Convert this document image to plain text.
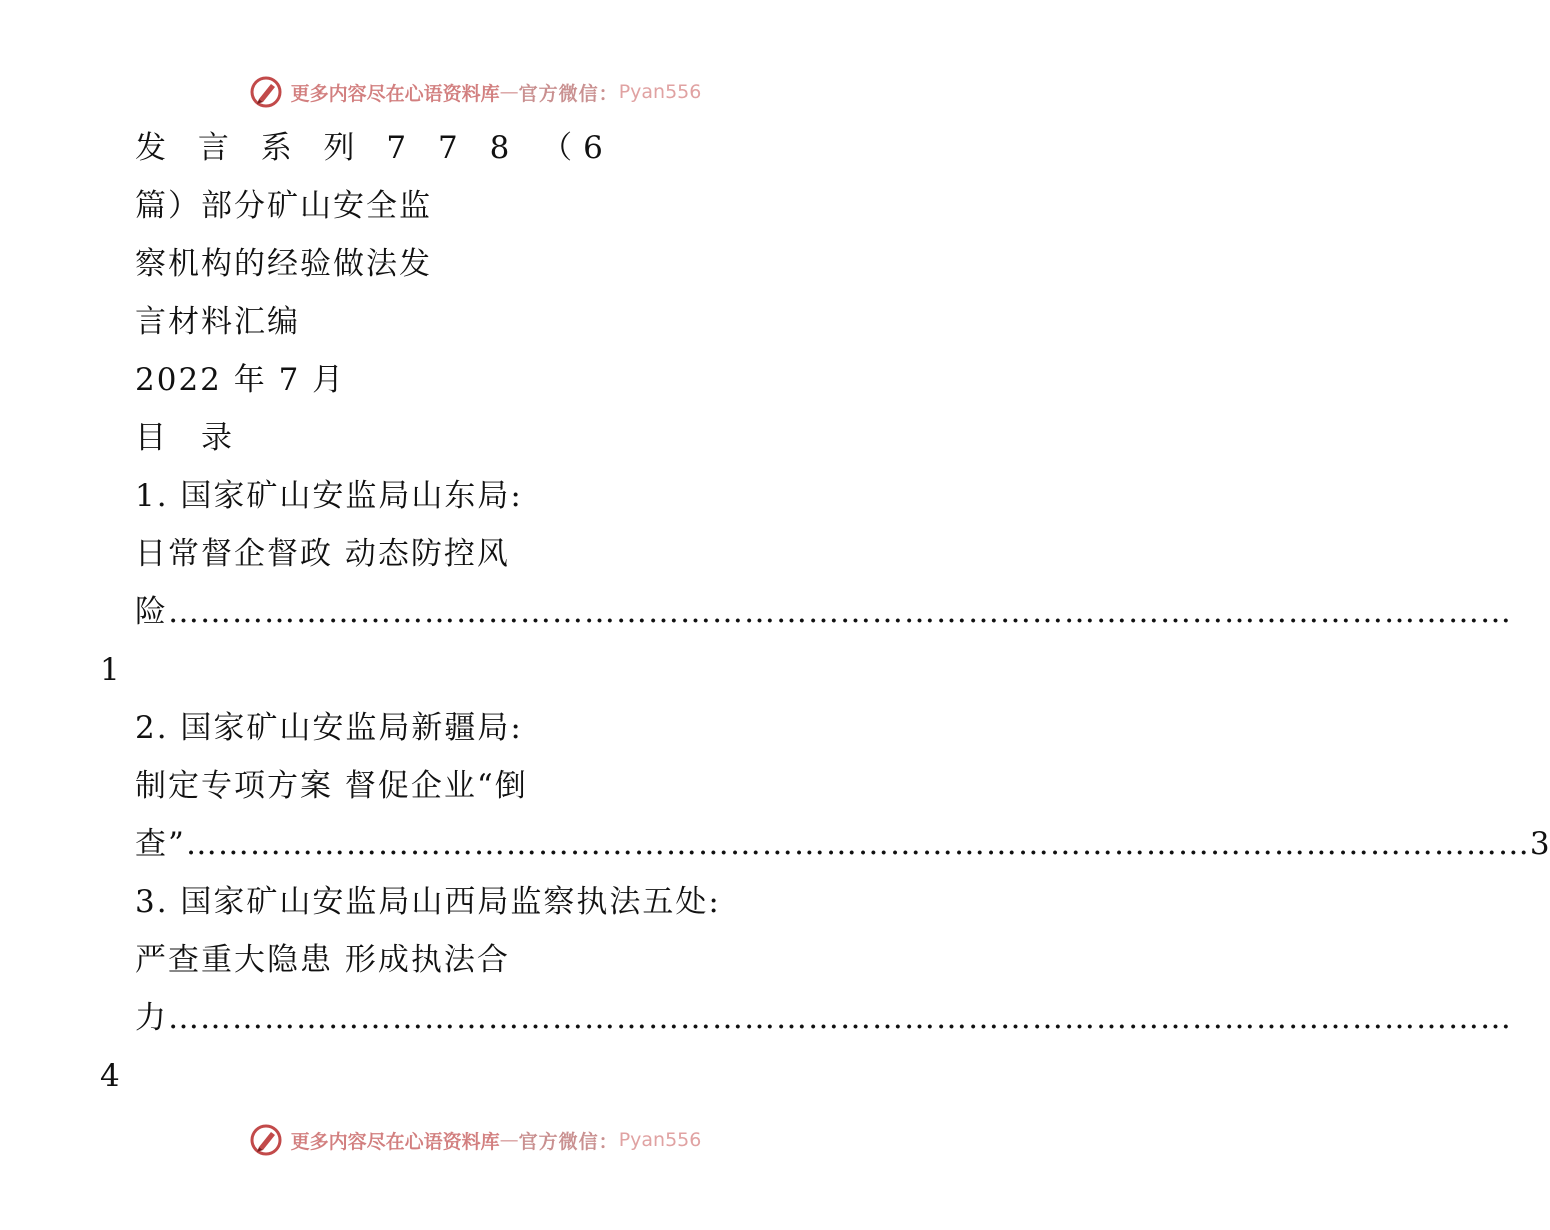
更多内容尽在心语资料库 — 官方微信： Pyan556
发 言 系 列 7 7 8 （6
篇）部分矿山安全监
察机构的经验做法发
言材料汇编
2022 年 7 月
目　录
1. 国家矿山安监局山东局:
日常督企督政 动态防控风
险 ………………………………………………………………………………………………………………
1
2. 国家矿山安监局新疆局:
制定专项方案 督促企业“倒
查” ……………………………………………………………………………………………………………… 3
3. 国家矿山安监局山西局监察执法五处:
严查重大隐患 形成执法合
力 ………………………………………………………………………………………………………………
4
更多内容尽在心语资料库 — 官方微信： Pyan556
